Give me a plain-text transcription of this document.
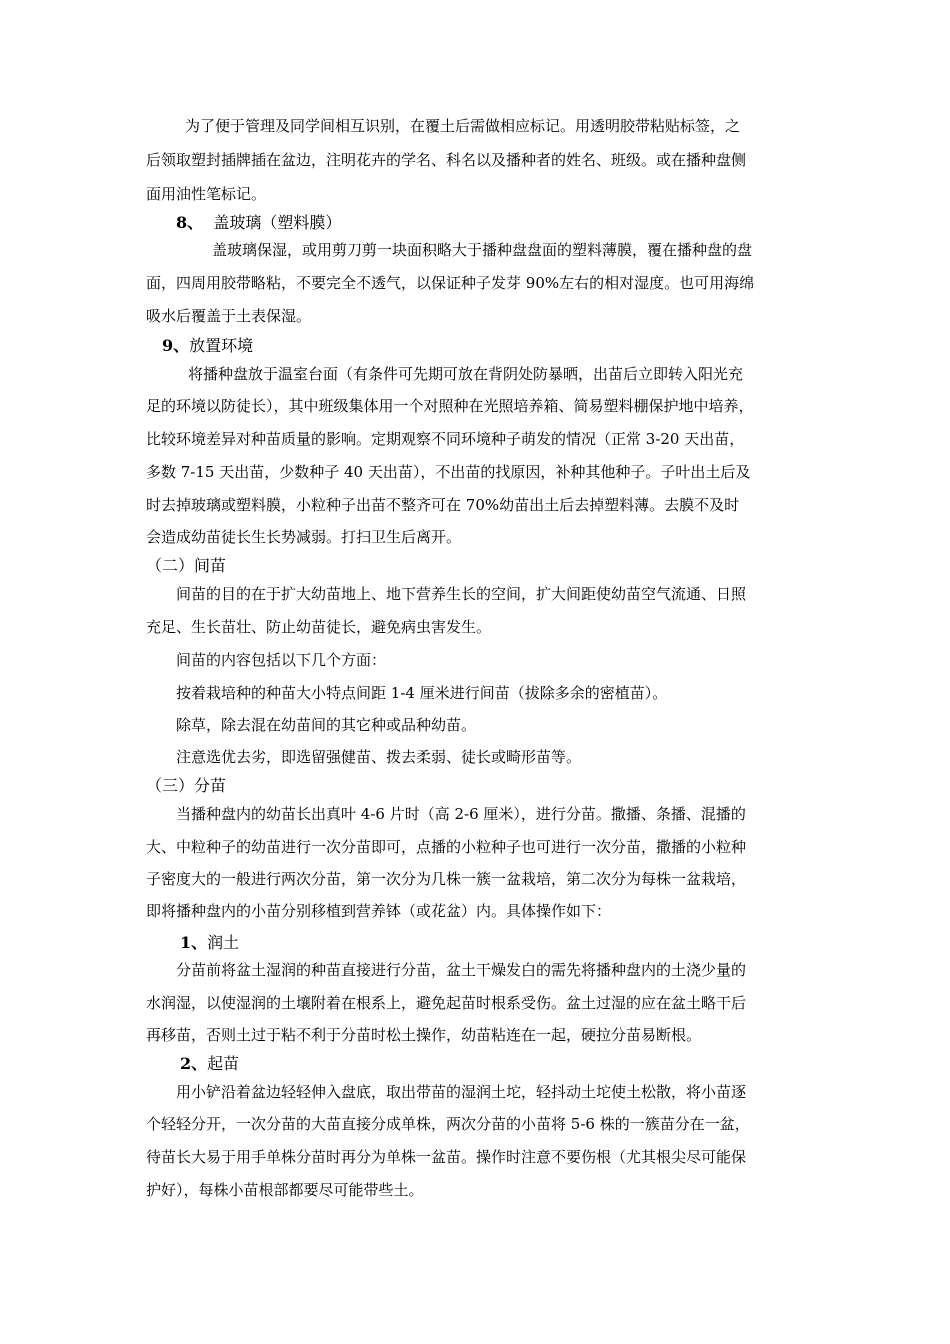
为了便于管理及同学间相互识别，在覆土后需做相应标记。用透明胶带粘贴标签，之
后领取塑封插牌插在盆边，注明花卉的学名、科名以及播种者的姓名、班级。或在播种盘侧
面用油性笔标记。
8、 盖玻璃（塑料膜）
盖玻璃保湿，或用剪刀剪一块面积略大于播种盘盘面的塑料薄膜，覆在播种盘的盘
面，四周用胶带略粘，不要完全不透气，以保证种子发芽 90%左右的相对湿度。也可用海绵
吸水后覆盖于土表保湿。
9、放置环境
将播种盘放于温室台面（有条件可先期可放在背阴处防暴晒，出苗后立即转入阳光充
足的环境以防徒长），其中班级集体用一个对照种在光照培养箱、简易塑料棚保护地中培养，
比较环境差异对种苗质量的影响。定期观察不同环境种子萌发的情况（正常 3-20 天出苗，
多数 7-15 天出苗，少数种子 40 天出苗），不出苗的找原因，补种其他种子。子叶出土后及
时去掉玻璃或塑料膜，小粒种子出苗不整齐可在 70%幼苗出土后去掉塑料薄。去膜不及时
会造成幼苗徒长生长势减弱。打扫卫生后离开。
（二）间苗
间苗的目的在于扩大幼苗地上、地下营养生长的空间，扩大间距使幼苗空气流通、日照
充足、生长苗壮、防止幼苗徒长，避免病虫害发生。
间苗的内容包括以下几个方面：
按着栽培种的种苗大小特点间距 1-4 厘米进行间苗（拔除多余的密植苗）。
除草，除去混在幼苗间的其它种或品种幼苗。
注意选优去劣，即选留强健苗、拨去柔弱、徒长或畸形苗等。
（三）分苗
当播种盘内的幼苗长出真叶 4-6 片时（高 2-6 厘米），进行分苗。撒播、条播、混播的
大、中粒种子的幼苗进行一次分苗即可，点播的小粒种子也可进行一次分苗，撒播的小粒种
子密度大的一般进行两次分苗，第一次分为几株一簇一盆栽培，第二次分为每株一盆栽培，
即将播种盘内的小苗分别移植到营养钵（或花盆）内。具体操作如下：
1、润土
分苗前将盆土湿润的种苗直接进行分苗，盆土干燥发白的需先将播种盘内的土浇少量的
水润湿，以使湿润的土壤附着在根系上，避免起苗时根系受伤。盆土过湿的应在盆土略干后
再移苗，否则土过于粘不利于分苗时松土操作，幼苗粘连在一起，硬拉分苗易断根。
2、起苗
用小铲沿着盆边轻轻伸入盘底，取出带苗的湿润土坨，轻抖动土坨使土松散，将小苗逐
个轻轻分开，一次分苗的大苗直接分成单株，两次分苗的小苗将 5-6 株的一簇苗分在一盆，
待苗长大易于用手单株分苗时再分为单株一盆苗。操作时注意不要伤根（尤其根尖尽可能保
护好），每株小苗根部都要尽可能带些土。
